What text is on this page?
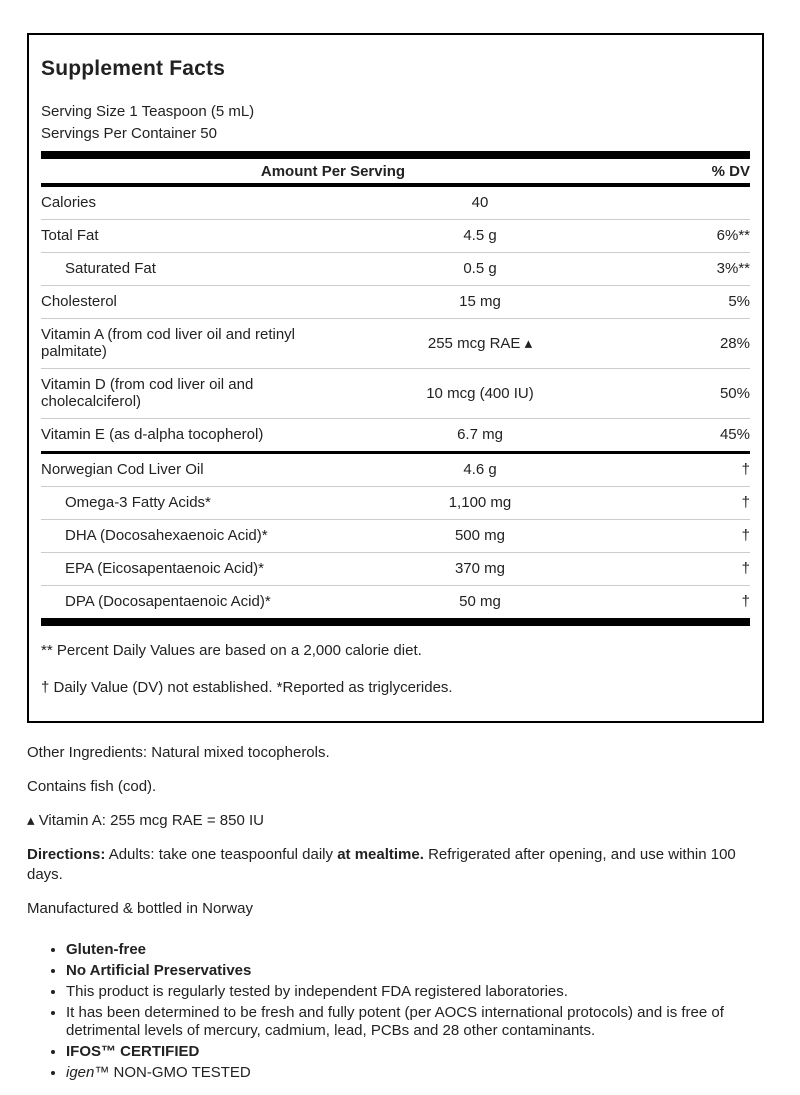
Supplement Facts
Serving Size 1 Teaspoon (5 mL)
Servings Per Container 50
Amount Per Serving		% DV
Calories	40	
Total Fat	4.5 g	6%**
Saturated Fat	0.5 g	3%**
Cholesterol	15 mg	5%
Vitamin A (from cod liver oil and retinyl palmitate)	255 mcg RAE ▴	28%
Vitamin D (from cod liver oil and cholecalciferol)	10 mcg (400 IU)	50%
Vitamin E (as d-alpha tocopherol)	6.7 mg	45%
Norwegian Cod Liver Oil	4.6 g	†
Omega-3 Fatty Acids*	1,100 mg	†
DHA (Docosahexaenoic Acid)*	500 mg	†
EPA (Eicosapentaenoic Acid)*	370 mg	†
DPA (Docosapentaenoic Acid)*	50 mg	†
** Percent Daily Values are based on a 2,000 calorie diet.
† Daily Value (DV) not established. *Reported as triglycerides.

Other Ingredients: Natural mixed tocopherols.

Contains fish (cod).

▴ Vitamin A: 255 mcg RAE = 850 IU

Directions: Adults: take one teaspoonful daily at mealtime. Refrigerated after opening, and use within 100 days.

Manufactured & bottled in Norway

• Gluten-free
• No Artificial Preservatives
• This product is regularly tested by independent FDA registered laboratories.
• It has been determined to be fresh and fully potent (per AOCS international protocols) and is free of detrimental levels of mercury, cadmium, lead, PCBs and 28 other contaminants.
• IFOS™ CERTIFIED
• igen™ NON-GMO TESTED
